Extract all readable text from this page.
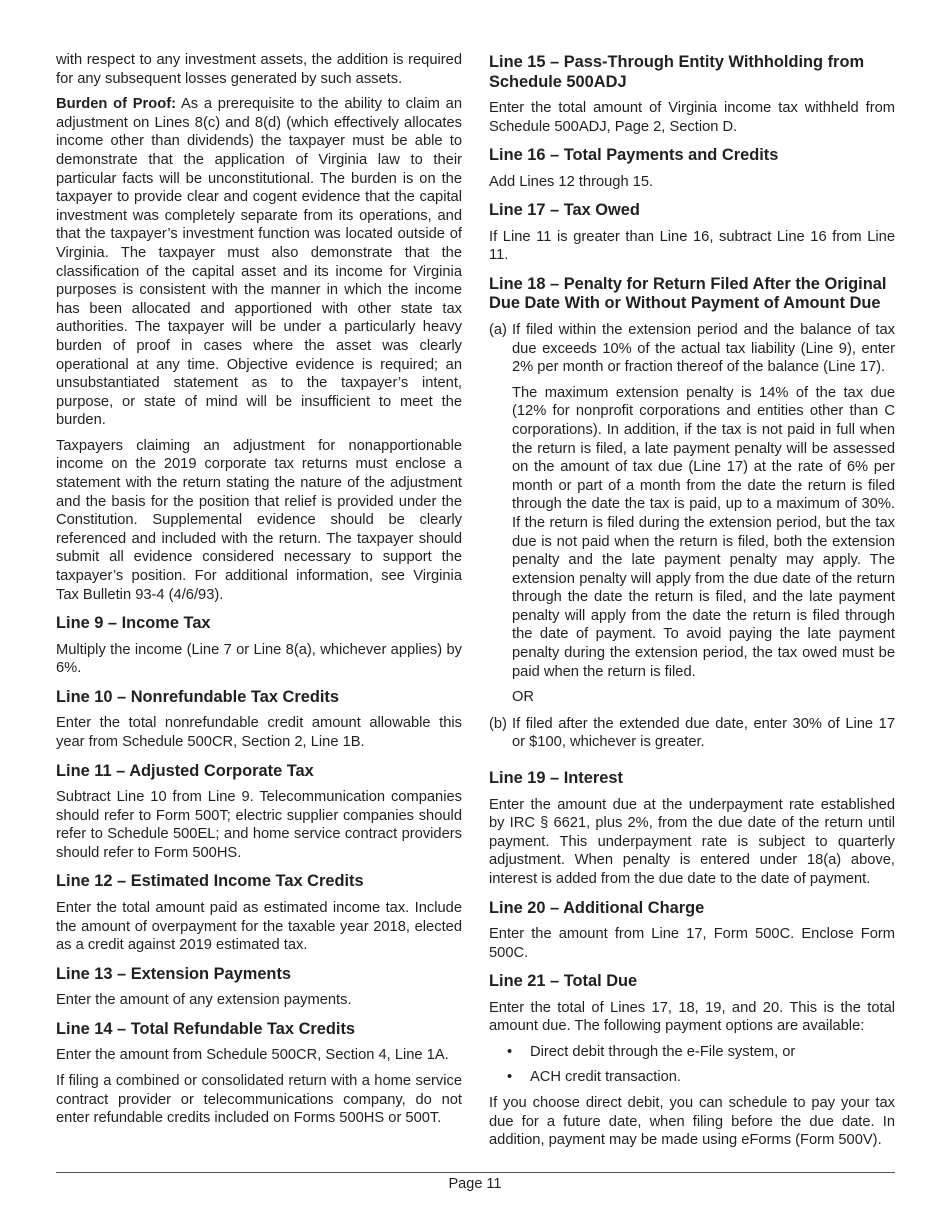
with respect to any investment assets, the addition is required for any subsequent losses generated by such assets.

Burden of Proof: As a prerequisite to the ability to claim an adjustment on Lines 8(c) and 8(d) (which effectively allocates income other than dividends) the taxpayer must be able to demonstrate that the application of Virginia law to their particular facts will be unconstitutional. The burden is on the taxpayer to provide clear and cogent evidence that the capital investment was completely separate from its operations, and that the taxpayer’s investment function was located outside of Virginia. The taxpayer must also demonstrate that the classification of the capital asset and its income for Virginia purposes is consistent with the manner in which the income has been allocated and apportioned with other state tax authorities. The taxpayer will be under a particularly heavy burden of proof in cases where the asset was clearly operational at any time. Objective evidence is required; an unsubstantiated statement as to the taxpayer’s intent, purpose, or state of mind will be insufficient to meet the burden.

Taxpayers claiming an adjustment for nonapportionable income on the 2019 corporate tax returns must enclose a statement with the return stating the nature of the adjustment and the basis for the position that relief is provided under the Constitution. Supplemental evidence should be clearly referenced and included with the return. The taxpayer should submit all evidence considered necessary to support the taxpayer’s position. For additional information, see Virginia Tax Bulletin 93-4 (4/6/93).

Line 9 – Income Tax

Multiply the income (Line 7 or Line 8(a), whichever applies) by 6%.

Line 10 – Nonrefundable Tax Credits

Enter the total nonrefundable credit amount allowable this year from Schedule 500CR, Section 2, Line 1B.

Line 11 – Adjusted Corporate Tax

Subtract Line 10 from Line 9. Telecommunication companies should refer to Form 500T; electric supplier companies should refer to Schedule 500EL; and home service contract providers should refer to Form 500HS.

Line 12 – Estimated Income Tax Credits

Enter the total amount paid as estimated income tax. Include the amount of overpayment for the taxable year 2018, elected as a credit against 2019 estimated tax.

Line 13 – Extension Payments

Enter the amount of any extension payments.

Line 14 – Total Refundable Tax Credits

Enter the amount from Schedule 500CR, Section 4, Line 1A.

If filing a combined or consolidated return with a home service contract provider or telecommunications company, do not enter refundable credits included on Forms 500HS or 500T.

Line 15 – Pass-Through Entity Withholding from Schedule 500ADJ

Enter the total amount of Virginia income tax withheld from Schedule 500ADJ, Page 2, Section D.

Line 16 – Total Payments and Credits

Add Lines 12 through 15.

Line 17 – Tax Owed

If Line 11 is greater than Line 16, subtract Line 16 from Line 11.

Line 18 – Penalty for Return Filed After the Original Due Date With or Without Payment of Amount Due
(a) If filed within the extension period and the balance of tax due exceeds 10% of the actual tax liability (Line 9), enter 2% per month or fraction thereof of the balance (Line 17).

The maximum extension penalty is 14% of the tax due (12% for nonprofit corporations and entities other than C corporations). In addition, if the tax is not paid in full when the return is filed, a late payment penalty will be assessed on the amount of tax due (Line 17) at the rate of 6% per month or part of a month from the date the return is filed through the date the tax is paid, up to a maximum of 30%. If the return is filed during the extension period, but the tax due is not paid when the return is filed, both the extension penalty and the late payment penalty may apply. The extension penalty will apply from the due date of the return through the date the return is filed, and the late payment penalty will apply from the date the return is filed through the date of payment. To avoid paying the late payment penalty during the extension period, the tax owed must be paid when the return is filed.

OR
(b) If filed after the extended due date, enter 30% of Line 17 or $100, whichever is greater.

Line 19 – Interest

Enter the amount due at the underpayment rate established by IRC § 6621, plus 2%, from the due date of the return until payment. This underpayment rate is subject to quarterly adjustment. When penalty is entered under 18(a) above, interest is added from the due date to the date of payment.

Line 20 – Additional Charge

Enter the amount from Line 17, Form 500C. Enclose Form 500C.

Line 21 – Total Due

Enter the total of Lines 17, 18, 19, and 20. This is the total amount due. The following payment options are available:

•	Direct debit through the e-File system, or

•	ACH credit transaction.

If you choose direct debit, you can schedule to pay your tax due for a future date, when filing before the due date. In addition, payment may be made using eForms (Form 500V).

Page 11
